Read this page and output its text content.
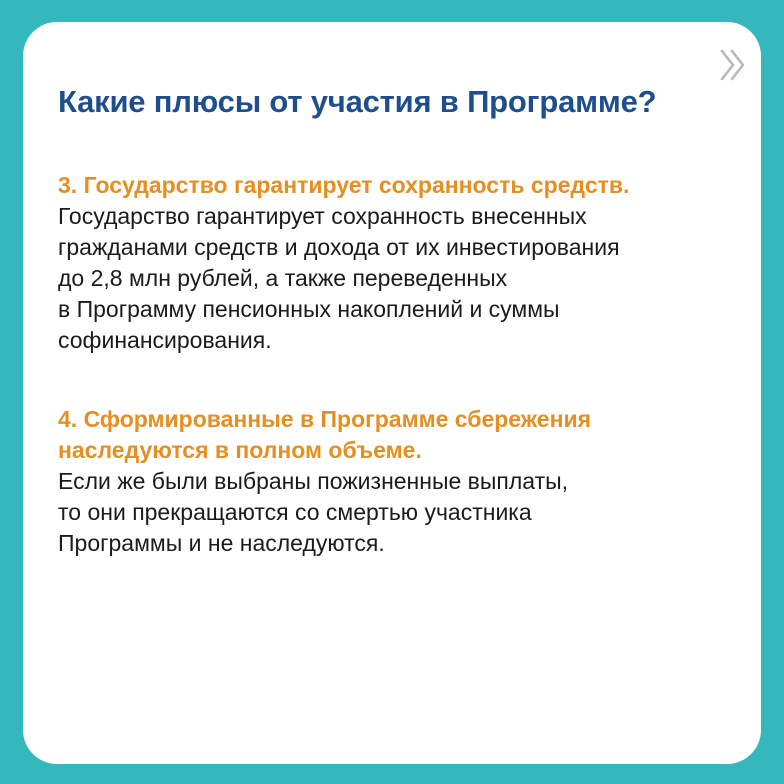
Какие плюсы от участия в Программе?

3. Государство гарантирует сохранность средств.

Государство гарантирует сохранность внесенных
гражданами средств и дохода от их инвестирования
до 2,8 млн рублей, а также переведенных
в Программу пенсионных накоплений и суммы
софинансирования.

4. Сформированные в Программе сбережения
наследуются в полном объеме.

Если же были выбраны пожизненные выплаты,
то они прекращаются со смертью участника
Программы и не наследуются.
